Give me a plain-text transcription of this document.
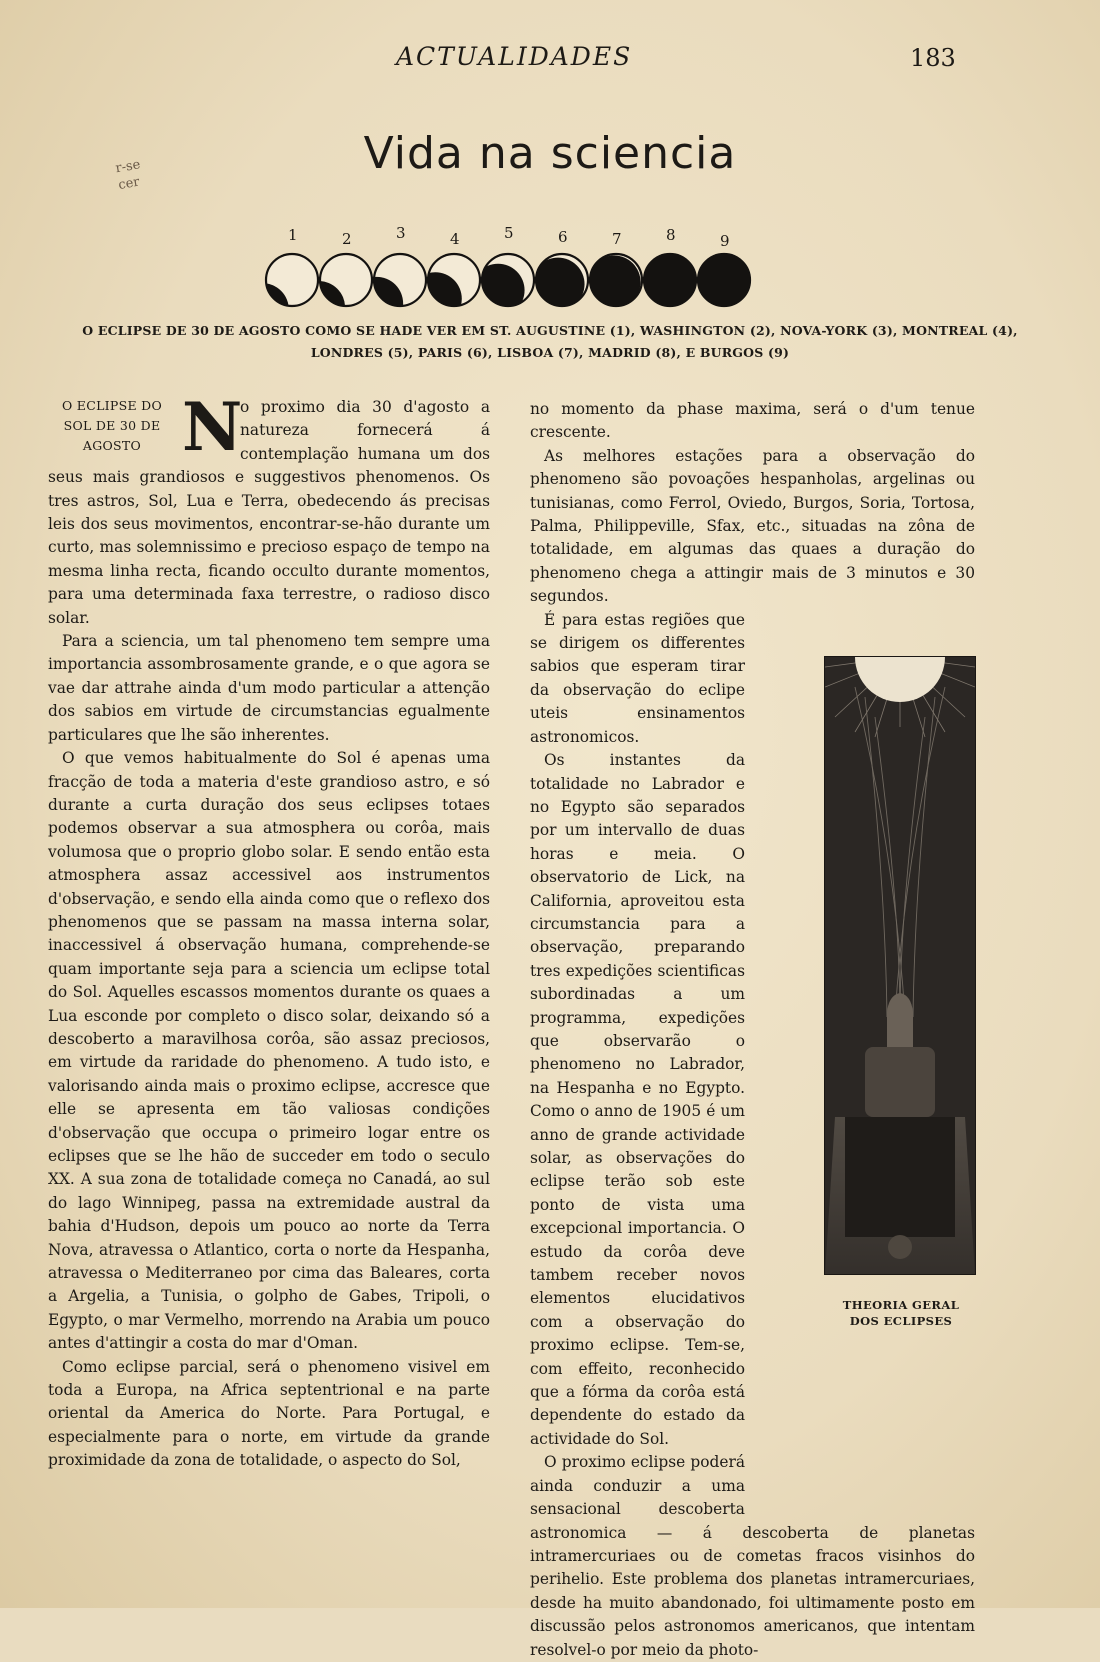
ACTUALIDADES	183
r-se
cer
Vida na sciencia
1	2	3	4	5	6	7	8	9
O ECLIPSE DE 30 DE AGOSTO COMO SE HADE VER EM ST. AUGUSTINE (1), WASHINGTON (2), NOVA-YORK (3), MONTREAL (4),
LONDRES (5), PARIS (6), LISBOA (7), MADRID (8), E BURGOS (9)

O ECLIPSE DO SOL DE 30 DE AGOSTO N
o proximo dia 30 d'agosto a natureza fornecerá á contemplação humana um dos seus mais grandiosos e suggestivos phenomenos. Os tres astros, Sol, Lua e Terra, obedecendo ás precisas leis dos seus movimentos, encontrar-se-hão durante um curto, mas solemnissimo e precioso espaço de tempo na mesma linha recta, ficando occulto durante momentos, para uma determinada faxa terrestre, o radioso disco solar.

Para a sciencia, um tal phenomeno tem sempre uma importancia assombrosamente grande, e o que agora se vae dar attrahe ainda d'um modo particular a attenção dos sabios em virtude de circumstancias egualmente particulares que lhe são inherentes.

O que vemos habitualmente do Sol é apenas uma fracção de toda a materia d'este grandioso astro, e só durante a curta duração dos seus eclipses totaes podemos observar a sua atmosphera ou corôa, mais volumosa que o proprio globo solar. E sendo então esta atmosphera assaz accessivel aos instrumentos d'observação, e sendo ella ainda como que o reflexo dos phenomenos que se passam na massa interna solar, inaccessivel á observação humana, comprehende-se quam importante seja para a sciencia um eclipse total do Sol. Aquelles escassos momentos durante os quaes a Lua esconde por completo o disco solar, deixando só a descoberto a maravilhosa corôa, são assaz preciosos, em virtude da raridade do phenomeno. A tudo isto, e valorisando ainda mais o proximo eclipse, accresce que elle se apresenta em tão valiosas condições d'observação que occupa o primeiro logar entre os eclipses que se lhe hão de succeder em todo o seculo XX. A sua zona de totalidade começa no Canadá, ao sul do lago Winnipeg, passa na extremidade austral da bahia d'Hudson, depois um pouco ao norte da Terra Nova, atravessa o Atlantico, corta o norte da Hespanha, atravessa o Mediterraneo por cima das Baleares, corta a Argelia, a Tunisia, o golpho de Gabes, Tripoli, o Egypto, o mar Vermelho, morrendo na Arabia um pouco antes d'attingir a costa do mar d'Oman.

Como eclipse parcial, será o phenomeno visivel em toda a Europa, na Africa septentrional e na parte oriental da America do Norte. Para Portugal, e especialmente para o norte, em virtude da grande proximidade da zona de totalidade, o aspecto do Sol,

no momento da phase maxima, será o d'um tenue crescente.

As melhores estações para a observação do phenomeno são povoações hespanholas, argelinas ou tunisianas, como Ferrol, Oviedo, Burgos, Soria, Tortosa, Palma, Philippeville, Sfax, etc., situadas na zôna de totalidade, em algumas das quaes a duração do phenomeno chega a attingir mais de 3 minutos e 30 segundos.

É para estas regiões que se dirigem os differentes sabios que esperam tirar da observação do eclipe uteis ensinamentos astronomicos.

Os instantes da totalidade no Labrador e no Egypto são separados por um intervallo de duas horas e meia. O observatorio de Lick, na California, aproveitou esta circumstancia para a observação, preparando tres expedições scientificas subordinadas a um programma, expedições que observarão o phenomeno no Labrador, na Hespanha e no Egypto. Como o anno de 1905 é um anno de grande actividade solar, as observações do eclipse terão sob este ponto de vista uma excepcional importancia. O estudo da corôa deve tambem receber novos elementos elucidativos com a observação do proximo eclipse. Tem-se, com effeito, reconhecido que a fórma da corôa está dependente do estado da actividade do Sol.

O proximo eclipse poderá ainda conduzir a uma sensacional descoberta astronomica — á descoberta de planetas intramercuriaes ou de cometas fracos visinhos do perihelio. Este problema dos planetas intramercuriaes, desde ha muito abandonado, foi ultimamente posto em discussão pelos astronomos americanos, que intentam resolvel-o por meio da photo-

THEORIA GERAL DOS ECLIPSES
